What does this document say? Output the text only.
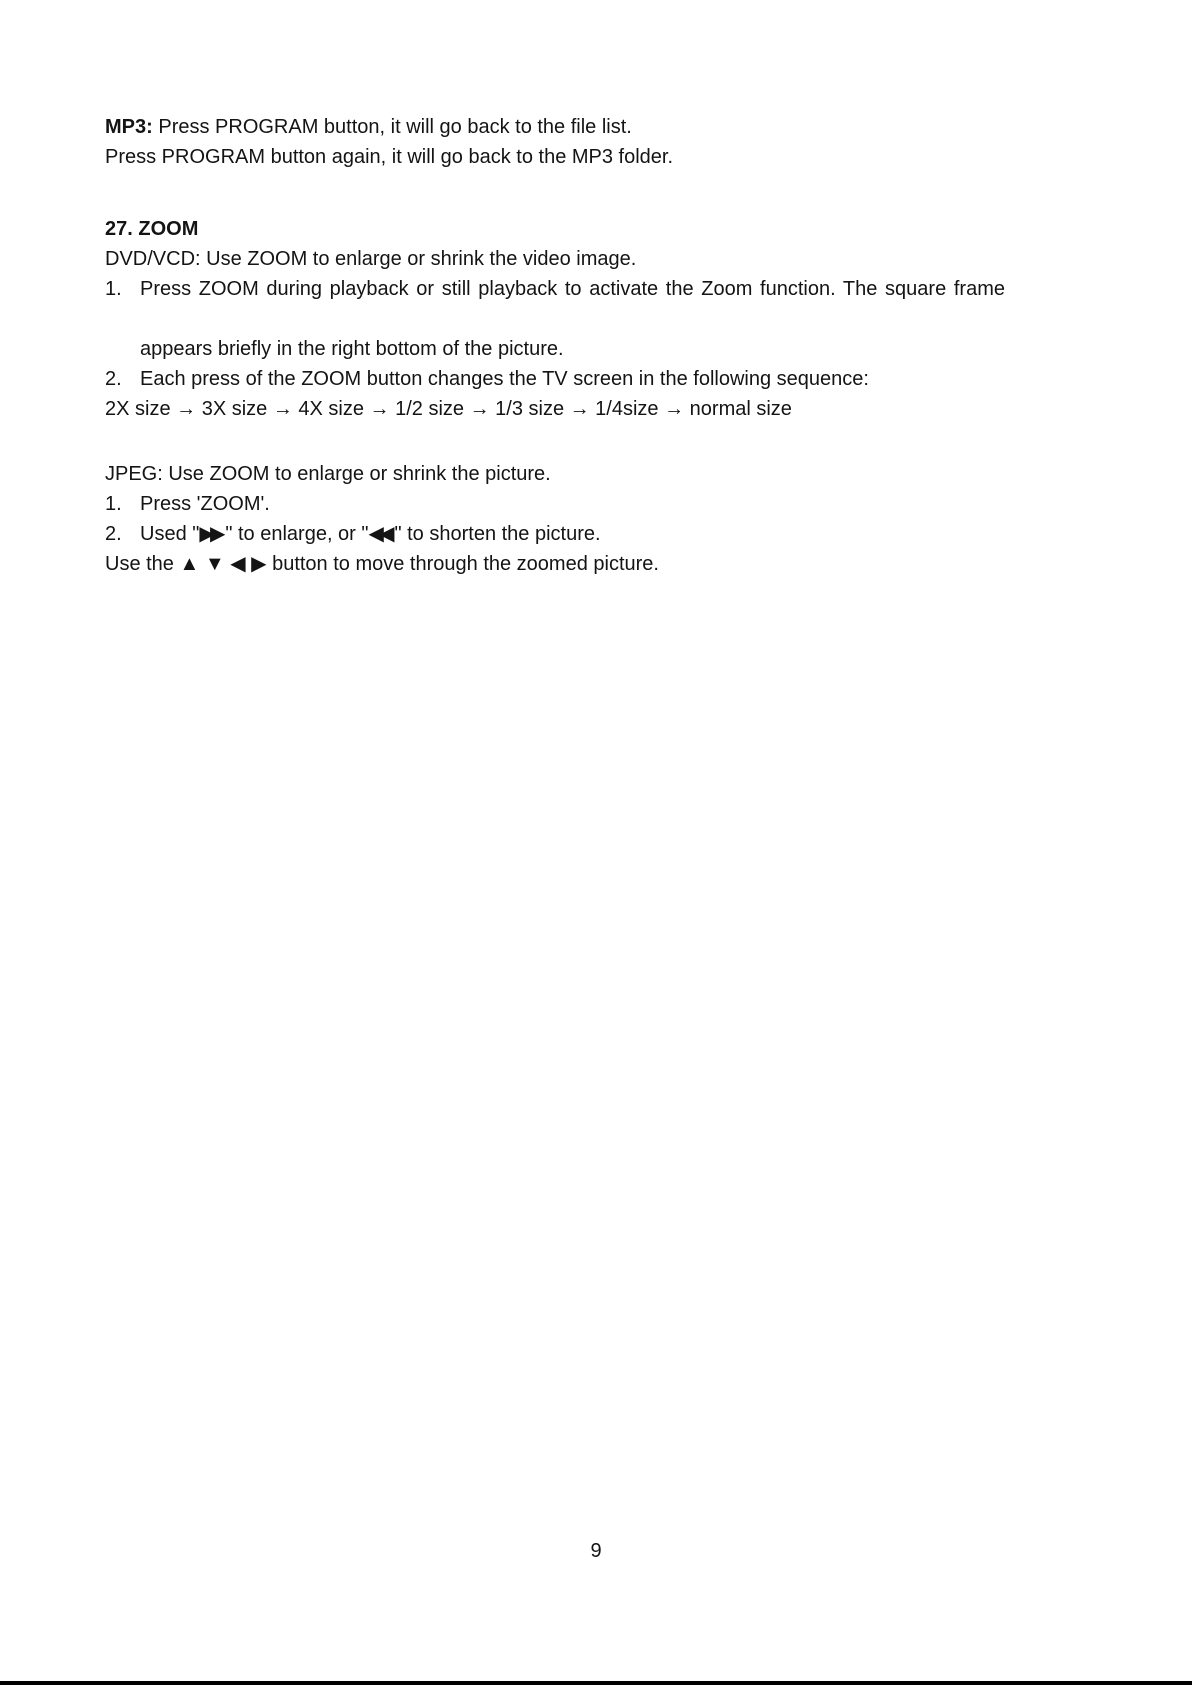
MP3: Press PROGRAM button, it will go back to the file list.

Press PROGRAM button again, it will go back to the MP3 folder.

27. ZOOM

DVD/VCD: Use ZOOM to enlarge or shrink the video image.

1. Press ZOOM during playback or still playback to activate the Zoom function. The square frame
appears briefly in the right bottom of the picture.
2. Each press of the ZOOM button changes the TV screen in the following sequence:

2X size → 3X size → 4X size → 1/2 size → 1/3 size → 1/4size → normal size

JPEG: Use ZOOM to enlarge or shrink the picture.

1. Press 'ZOOM'.
2. Used "▶▶ " to enlarge, or "◀◀ " to shorten the picture.

Use the ▲ ▼ ◀ ▶ button to move through the zoomed picture.

9
